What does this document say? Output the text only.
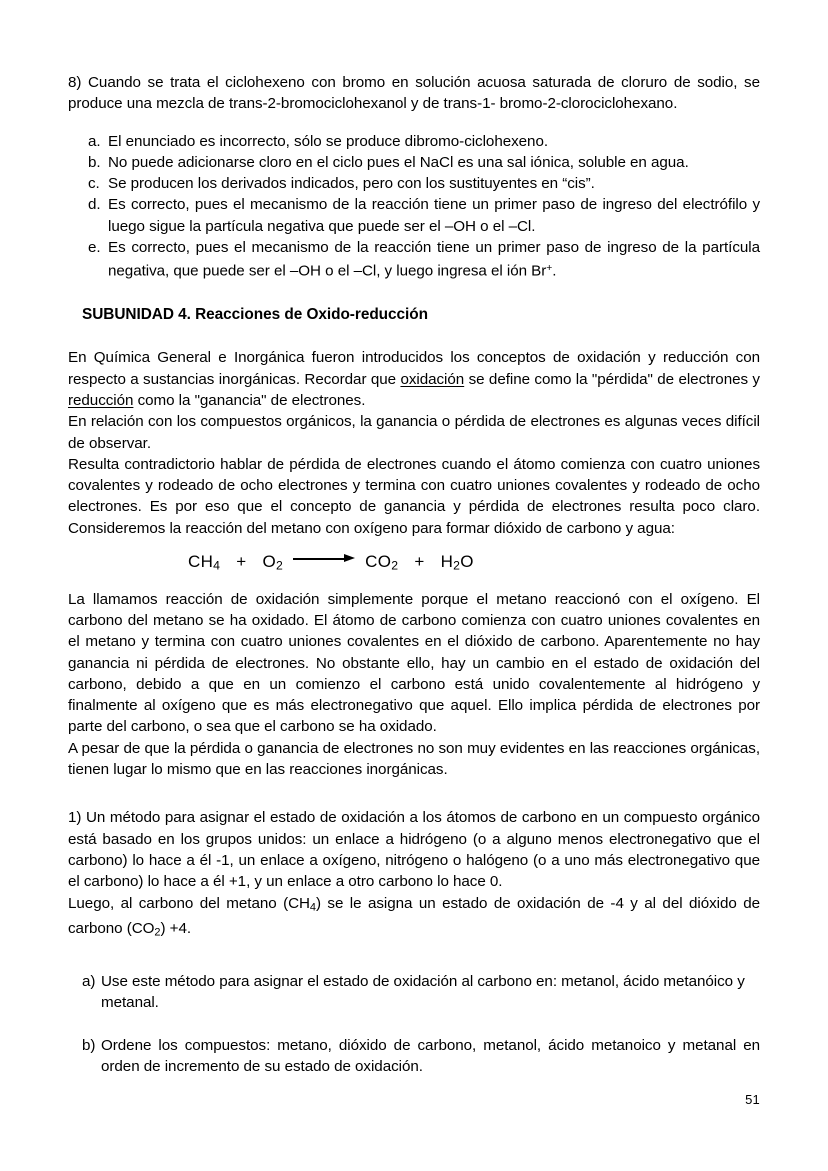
8) Cuando se trata el ciclohexeno con bromo en solución acuosa saturada de cloruro de sodio, se produce una mezcla de trans-2-bromociclohexanol y de trans-1- bromo-2-clorociclohexano.

a. El enunciado es incorrecto, sólo se produce dibromo-ciclohexeno.
b. No puede adicionarse cloro en el ciclo pues el NaCl es una sal iónica, soluble en agua.
c. Se producen los derivados indicados, pero con los sustituyentes en “cis”.
d. Es correcto, pues el mecanismo de la reacción tiene un primer paso de ingreso del electrófilo y luego sigue la partícula negativa que puede ser el –OH o el –Cl.
e. Es correcto, pues el mecanismo de la reacción tiene un primer paso de ingreso de la partícula negativa, que puede ser el –OH o el –Cl, y luego ingresa el ión Br+.

SUBUNIDAD 4. Reacciones de Oxido-reducción

En Química General e Inorgánica fueron introducidos los conceptos de oxidación y reducción con respecto a sustancias inorgánicas. Recordar que oxidación se define como la "pérdida" de electrones y reducción como la "ganancia" de electrones.

En relación con los compuestos orgánicos, la ganancia o pérdida de electrones es algunas veces difícil de observar.

Resulta contradictorio hablar de pérdida de electrones cuando el átomo comienza con cuatro uniones covalentes y rodeado de ocho electrones y termina con cuatro uniones covalentes y rodeado de ocho electrones. Es por eso que el concepto de ganancia y pérdida de electrones resulta poco claro. Consideremos la reacción del metano con oxígeno para formar dióxido de carbono y agua:

$CH_4 + O_2$	$CO_2 + H_2O$

La llamamos reacción de oxidación simplemente porque el metano reaccionó con el oxígeno. El carbono del metano se ha oxidado. El átomo de carbono comienza con cuatro uniones covalentes en el metano y termina con cuatro uniones covalentes en el dióxido de carbono. Aparentemente no hay ganancia ni pérdida de electrones. No obstante ello, hay un cambio en el estado de oxidación del carbono, debido a que en un comienzo el carbono está unido covalentemente al hidrógeno y finalmente al oxígeno que es más electronegativo que aquel. Ello implica pérdida de electrones por parte del carbono, o sea que el carbono se ha oxidado.

A pesar de que la pérdida o ganancia de electrones no son muy evidentes en las reacciones orgánicas, tienen lugar lo mismo que en las reacciones inorgánicas.

1) Un método para asignar el estado de oxidación a los átomos de carbono en un compuesto orgánico está basado en los grupos unidos: un enlace a hidrógeno (o a alguno menos electronegativo que el carbono) lo hace a él -1, un enlace a oxígeno, nitrógeno o halógeno (o a uno más electronegativo que el carbono) lo hace a él +1, y un enlace a otro carbono lo hace 0.

Luego, al carbono del metano $(CH_4)$ se le asigna un estado de oxidación de -4 y al del dióxido de carbono $(CO_2) +4$.

a) Use este método para asignar el estado de oxidación al carbono en: metanol, ácido metanóico y metanal.
b) Ordene los compuestos: metano, dióxido de carbono, metanol, ácido metanoico y metanal en orden de incremento de su estado de oxidación.
51
